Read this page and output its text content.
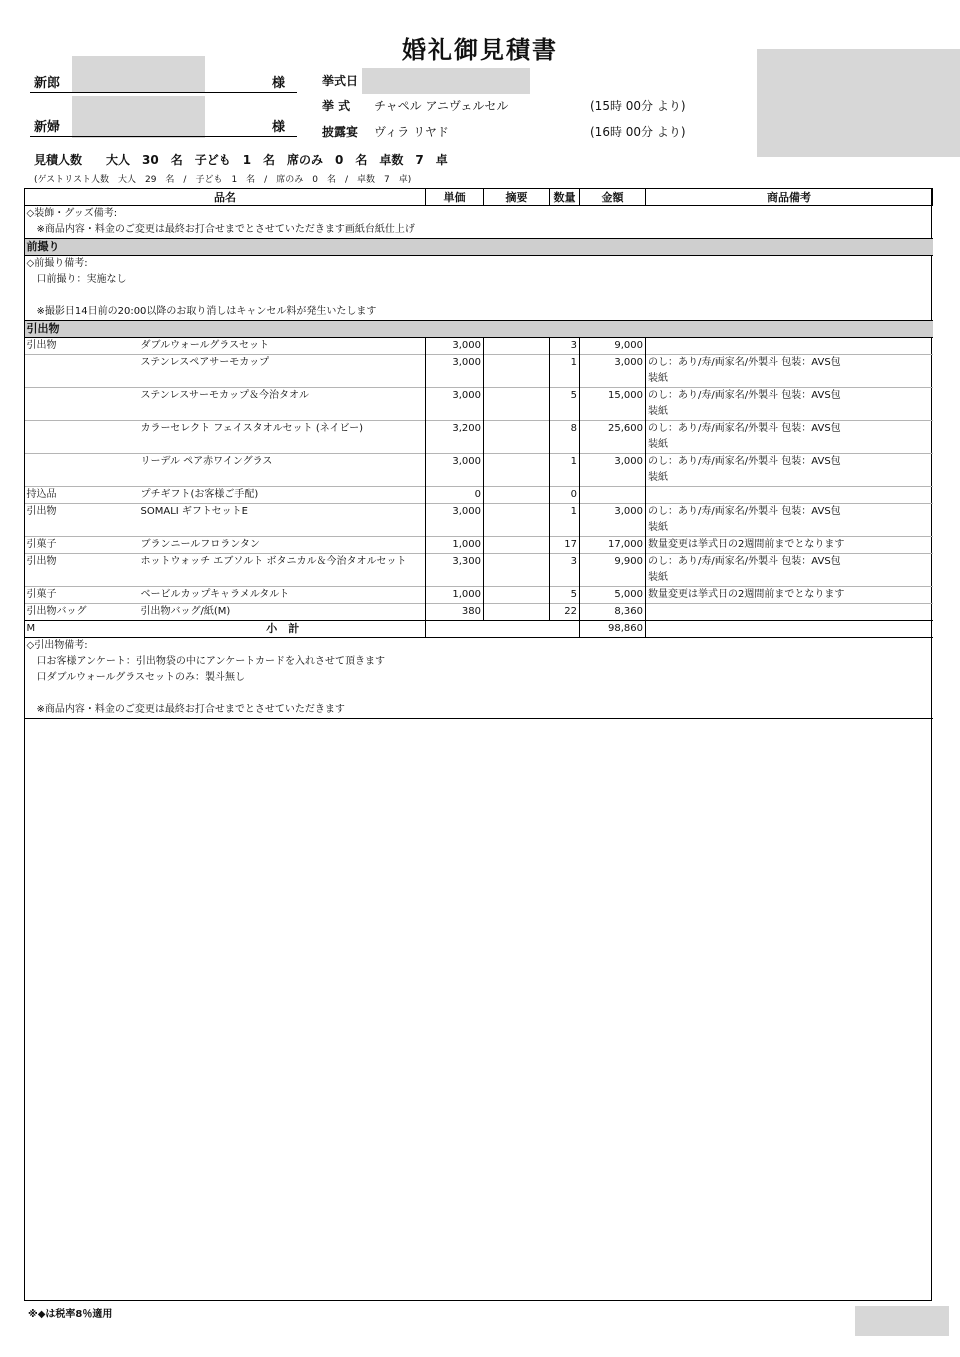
婚礼御見積書
新郎	様
新婦	様
挙式日
挙 式 チャペル アニヴェルセル	(15時 00分 より)
披露宴 ヴィラ リヤド	(16時 00分 より)
見積人数　　大人　30　名　子ども　1　名　席のみ　0　名　卓数　7　卓
(ゲストリスト人数　大人　29　名　/　子ども　1　名　/　席のみ　0　名　/　卓数　7　卓)
品名		単価	摘要	数量	金額	商品備考

◇装飾・グッズ備考:
※商品内容・料金のご変更は最終お打合せまでとさせていただきます画紙台紙仕上げ						

前撮り						

◇前撮り備考:
口前撮り：実施なし
※撮影日14日前の20:00以降のお取り消しはキャンセル料が発生いたします						

引出物						
引出物	ダブルウォールグラスセット	3,000		3	9,000	

	ステンレスペアサーモカップ	3,000		1	3,000	のし：あり/寿/両家名/外製斗 包装：AVS包
装紙

	ステンレスサーモカップ＆今治タオル	3,000		5	15,000	のし：あり/寿/両家名/外製斗 包装：AVS包
装紙

	カラーセレクト フェイスタオルセット (ネイビー)	3,200		8	25,600	のし：あり/寿/両家名/外製斗 包装：AVS包
装紙

	リーデル ペア赤ワイングラス	3,000		1	3,000	のし：あり/寿/両家名/外製斗 包装：AVS包
装紙

持込品	プチギフト(お客様ご手配)	0		0		

引出物	SOMALI ギフトセットE	3,000		1	3,000	のし：あり/寿/両家名/外製斗 包装：AVS包
装紙

引菓子	ブランニールフロランタン	1,000		17	17,000	数量変更は挙式日の2週間前までとなります

引出物	ホットウォッチ エブソルト ボタニカル＆今治タオルセット	3,300		3	9,900	のし：あり/寿/両家名/外製斗 包装：AVS包
装紙

引菓子	ベービルカップキャラメルタルト	1,000		5	5,000	数量変更は挙式日の2週間前までとなります

引出物バッグ	引出物バッグ/紙(M)	380		22	8,360	

M	小　計				98,860	

◇引出物備考:
口お客様アンケート：引出物袋の中にアンケートカードを入れさせて頂きます
口ダブルウォールグラスセットのみ：製斗無し
※商品内容・料金のご変更は最終お打合せまでとさせていただきます						
※◆は税率8％適用
